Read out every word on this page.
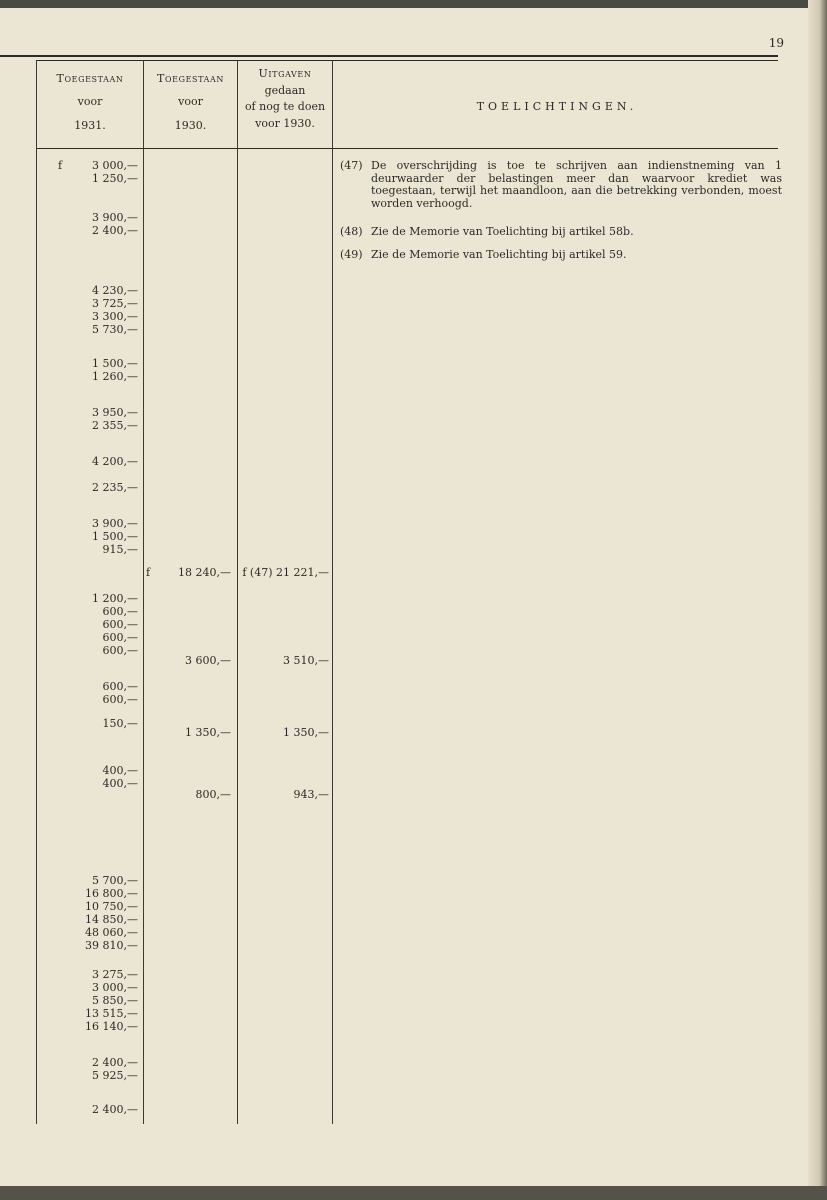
19
Toegestaan
voor
1931.
Toegestaan
voor
1930.
Uitgaven
gedaan
of nog te doen
voor 1930.
TOELICHTINGEN.
f
f
3 000,—
1 250,—
3 900,—
2 400,—
4 230,—
3 725,—
3 300,—
5 730,—
1 500,—
1 260,—
3 950,—
2 355,—
4 200,—
2 235,—
3 900,—
1 500,—
915,—
1 200,—
600,—
600,—
600,—
600,—
600,—
600,—
150,—
400,—
400,—
5 700,—
16 800,—
10 750,—
14 850,—
48 060,—
39 810,—
3 275,—
3 000,—
5 850,—
13 515,—
16 140,—
2 400,—
5 925,—
2 400,—
18 240,—
3 600,—
1 350,—
800,—
f (47) 21 221,—
3 510,—
1 350,—
943,—
(47) De overschrijding is toe te schrijven aan indienstneming van 1 deurwaarder der belastingen meer dan waarvoor krediet was toegestaan, terwijl het maandloon, aan die betrekking verbonden, moest worden verhoogd.
(48) Zie de Memorie van Toelichting bij artikel 58b.
(49) Zie de Memorie van Toelichting bij artikel 59.
